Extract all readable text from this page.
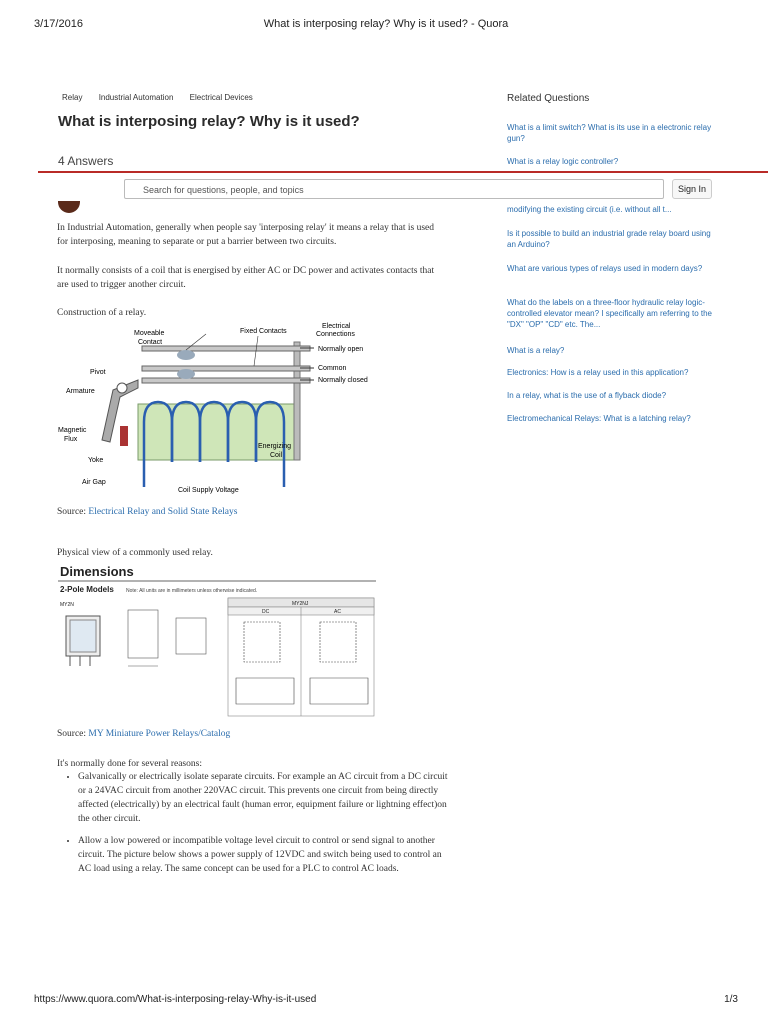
3/17/2016	What is interposing relay? Why is it used? - Quora
Relay Industrial Automation Electrical Devices
What is interposing relay? Why is it used?
4 Answers
Related Questions
What is a limit switch? What is its use in a electronic relay gun?
What is a relay logic controller?
Search for questions, people, and topics	Sign In
modifying the existing circuit (i.e. without all t...
Is it possible to build an industrial grade relay board using an Arduino?
What are various types of relays used in modern days?
What do the labels on a three-floor hydraulic relay logic-controlled elevator mean? I specifically am referring to the "DX" "OP" "CD" etc. The...
What is a relay?
Electronics: How is a relay used in this application?
In a relay, what is the use of a flyback diode?
Electromechanical Relays: What is a latching relay?
In Industrial Automation, generally when people say 'interposing relay' it means a relay that is used for interposing, meaning to separate or put a barrier between two circuits.
It normally consists of a coil that is energised by either AC or DC power and activates contacts that are used to trigger another circuit.
Construction of a relay.
Moveable
Contact
Fixed Contacts
Electrical
Connections
Normally open
Common
Normally closed
Pivot
Armature
Magnetic
Flux
Yoke
Air Gap
Coil Supply Voltage
Energizing
Coil
Source: Electrical Relay and Solid State Relays
Physical view of a commonly used relay.
Dimensions
2-Pole Models Note: All units are in millimeters unless otherwise indicated.
MY2N	MY2NJ
DC	AC
Source: MY Miniature Power Relays/Catalog
It's normally done for several reasons:
• Galvanically or electrically isolate separate circuits. For example an AC circuit from a DC circuit or a 24VAC circuit from another 220VAC circuit. This prevents one circuit from being directly affected (electrically) by an electrical fault (human error, equipment failure or lightning effect)on the other circuit.
• Allow a low powered or incompatible voltage level circuit to control or send signal to another circuit. The picture below shows a power supply of 12VDC and switch being used to control an AC load using a relay. The same concept can be used for a PLC to control AC loads.
https://www.quora.com/What-is-interposing-relay-Why-is-it-used	1/3
